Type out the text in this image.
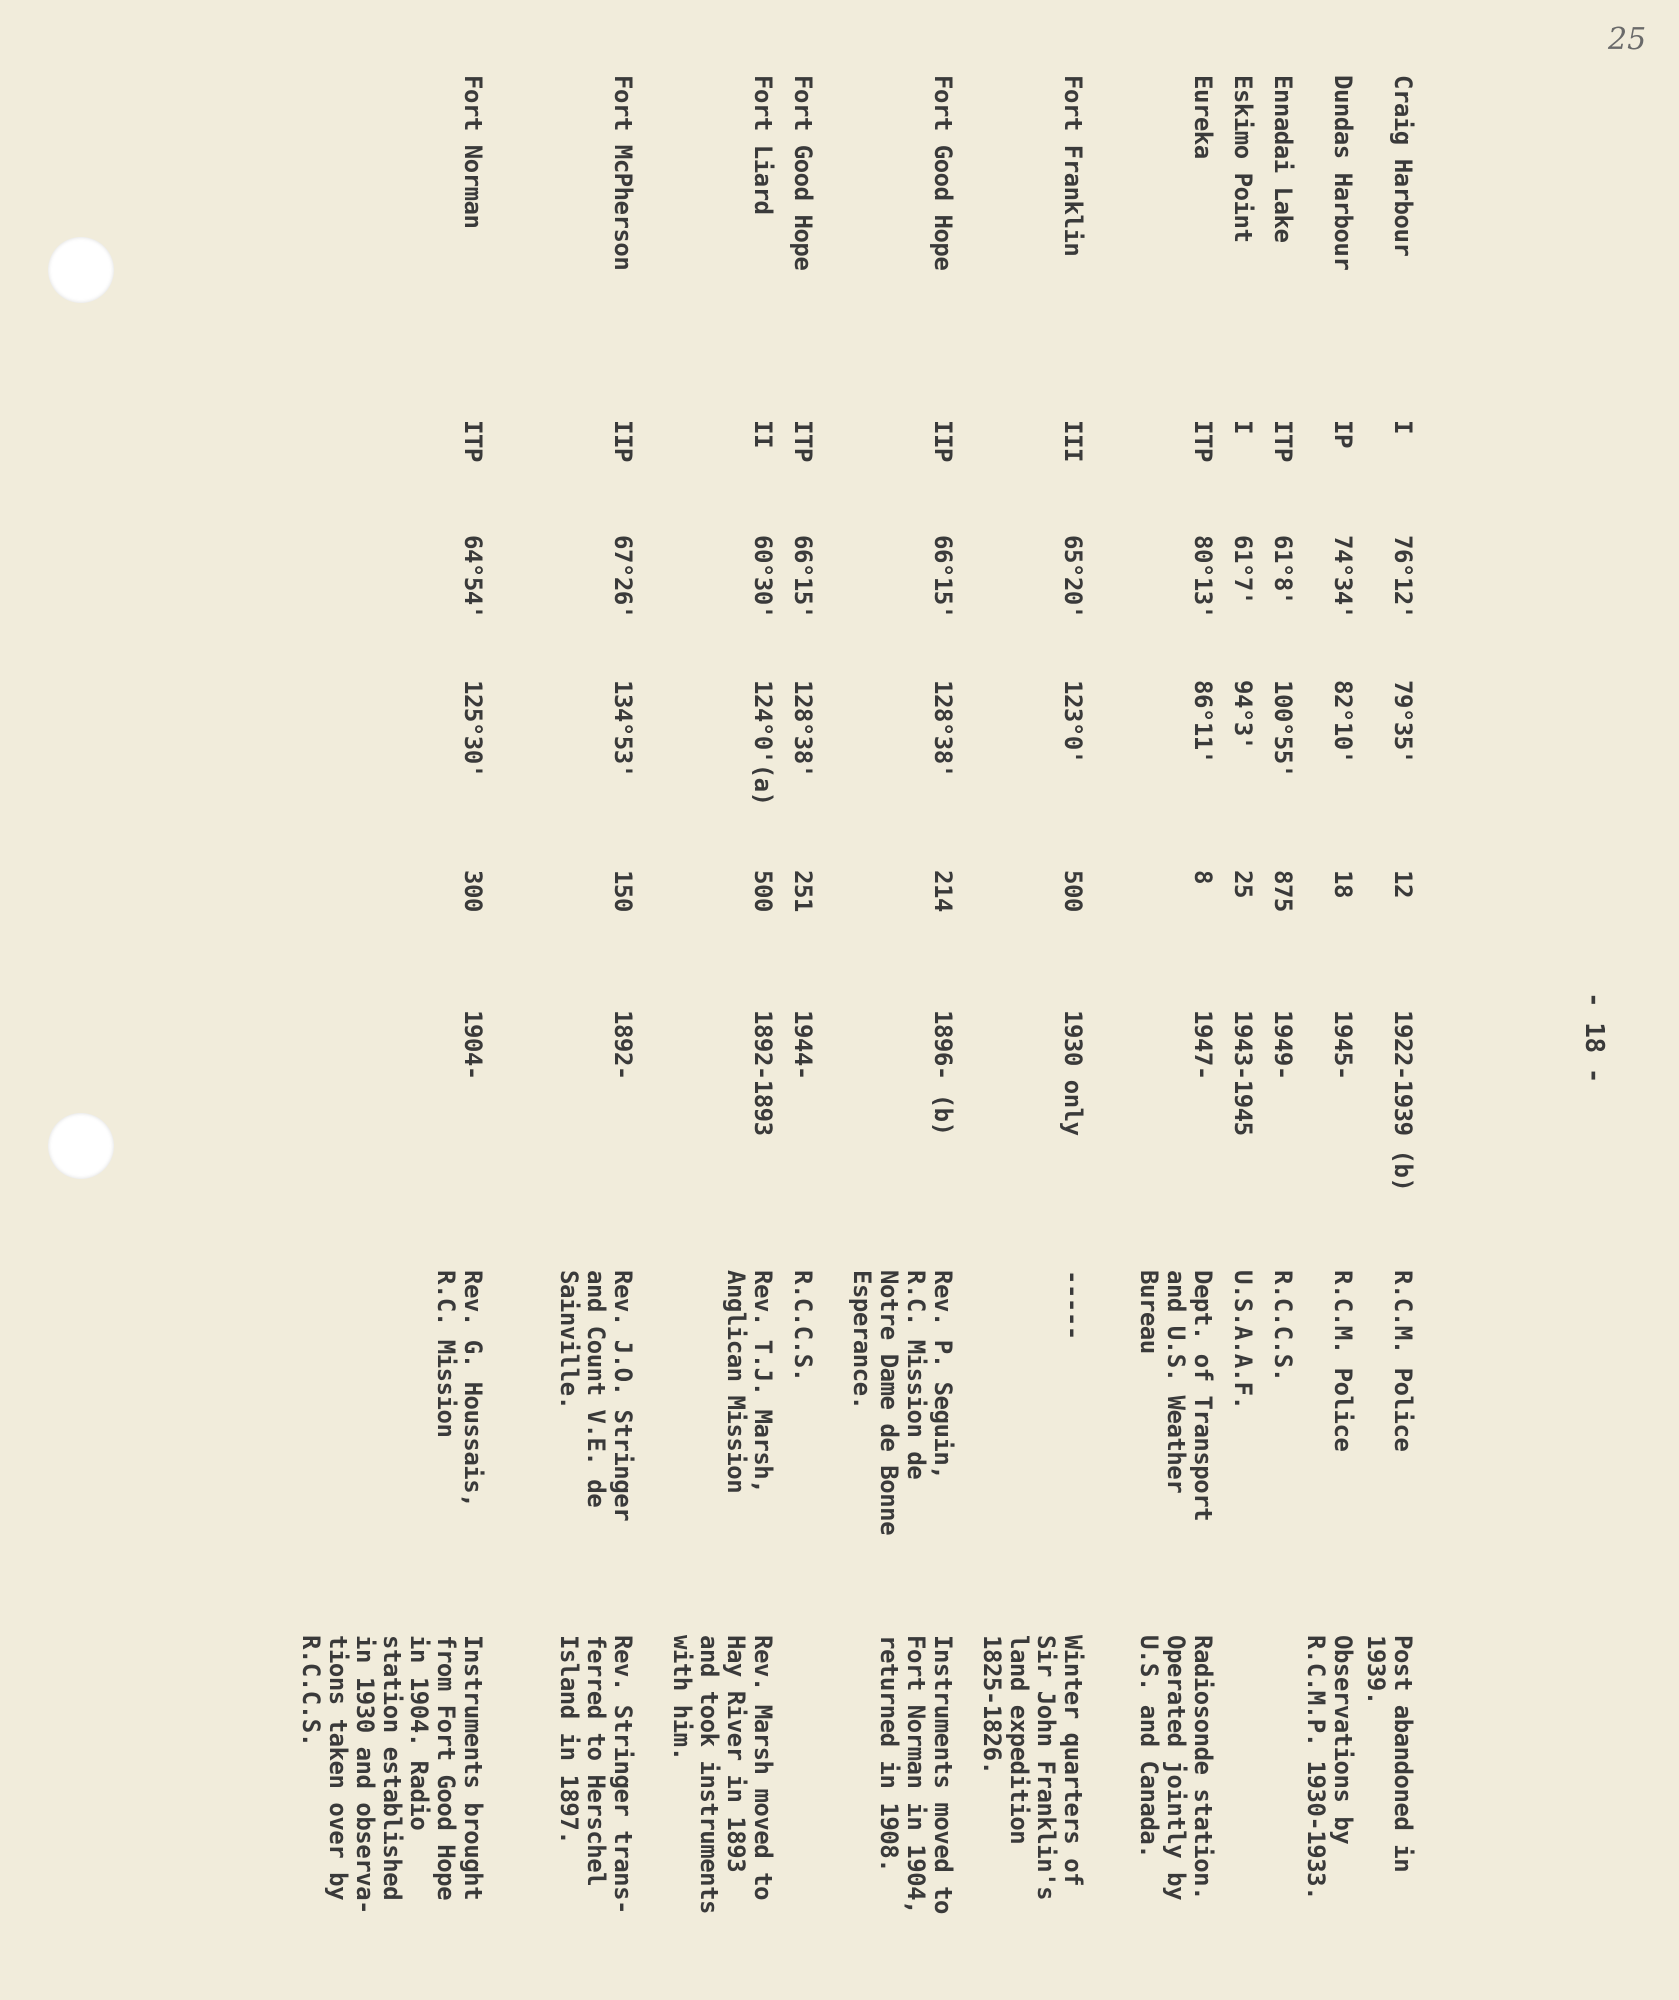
25
- 18 -
Craig Harbour
I
76°12'
79°35'
12
1922-1939 (b)
R.C.M. Police
Post abandoned in
1939.
Dundas Harbour
IP
74°34'
82°10'
18
1945-
R.C.M. Police
Observations by
R.C.M.P. 1930-1933.
Ennadai Lake
ITP
61°8'
100°55'
875
1949-
R.C.C.S.
Eskimo Point
I
61°7'
94°3'
25
1943-1945
U.S.A.A.F.
Eureka
ITP
80°13'
86°11'
8
1947-
Dept. of Transport
and U.S. Weather
Bureau
Radiosonde station.
Operated jointly by
U.S. and Canada.
Fort Franklin
III
65°20'
123°0'
500
1930 only
-----
Winter quarters of
Sir John Franklin's
land expedition
1825-1826.
Fort Good Hope
IIP
66°15'
128°38'
214
1896- (b)
Rev. P. Seguin,
R.C. Mission de
Notre Dame de Bonne
Esperance.
Instruments moved to
Fort Norman in 1904,
returned in 1908.
Fort Good Hope
ITP
66°15'
128°38'
251
1944-
R.C.C.S.
Fort Liard
II
60°30'
124°0'(a)
500
1892-1893
Rev. T.J. Marsh,
Anglican Mission
Rev. Marsh moved to
Hay River in 1893
and took instruments
with him.
Fort McPherson
IIP
67°26'
134°53'
150
1892-
Rev. J.O. Stringer
and Count V.E. de
Sainville.
Rev. Stringer trans-
ferred to Herschel
Island in 1897.
Fort Norman
ITP
64°54'
125°30'
300
1904-
Rev. G. Houssais,
R.C. Mission
Instruments brought
from Fort Good Hope
in 1904. Radio
station established
in 1930 and observa-
tions taken over by
R.C.C.S.
